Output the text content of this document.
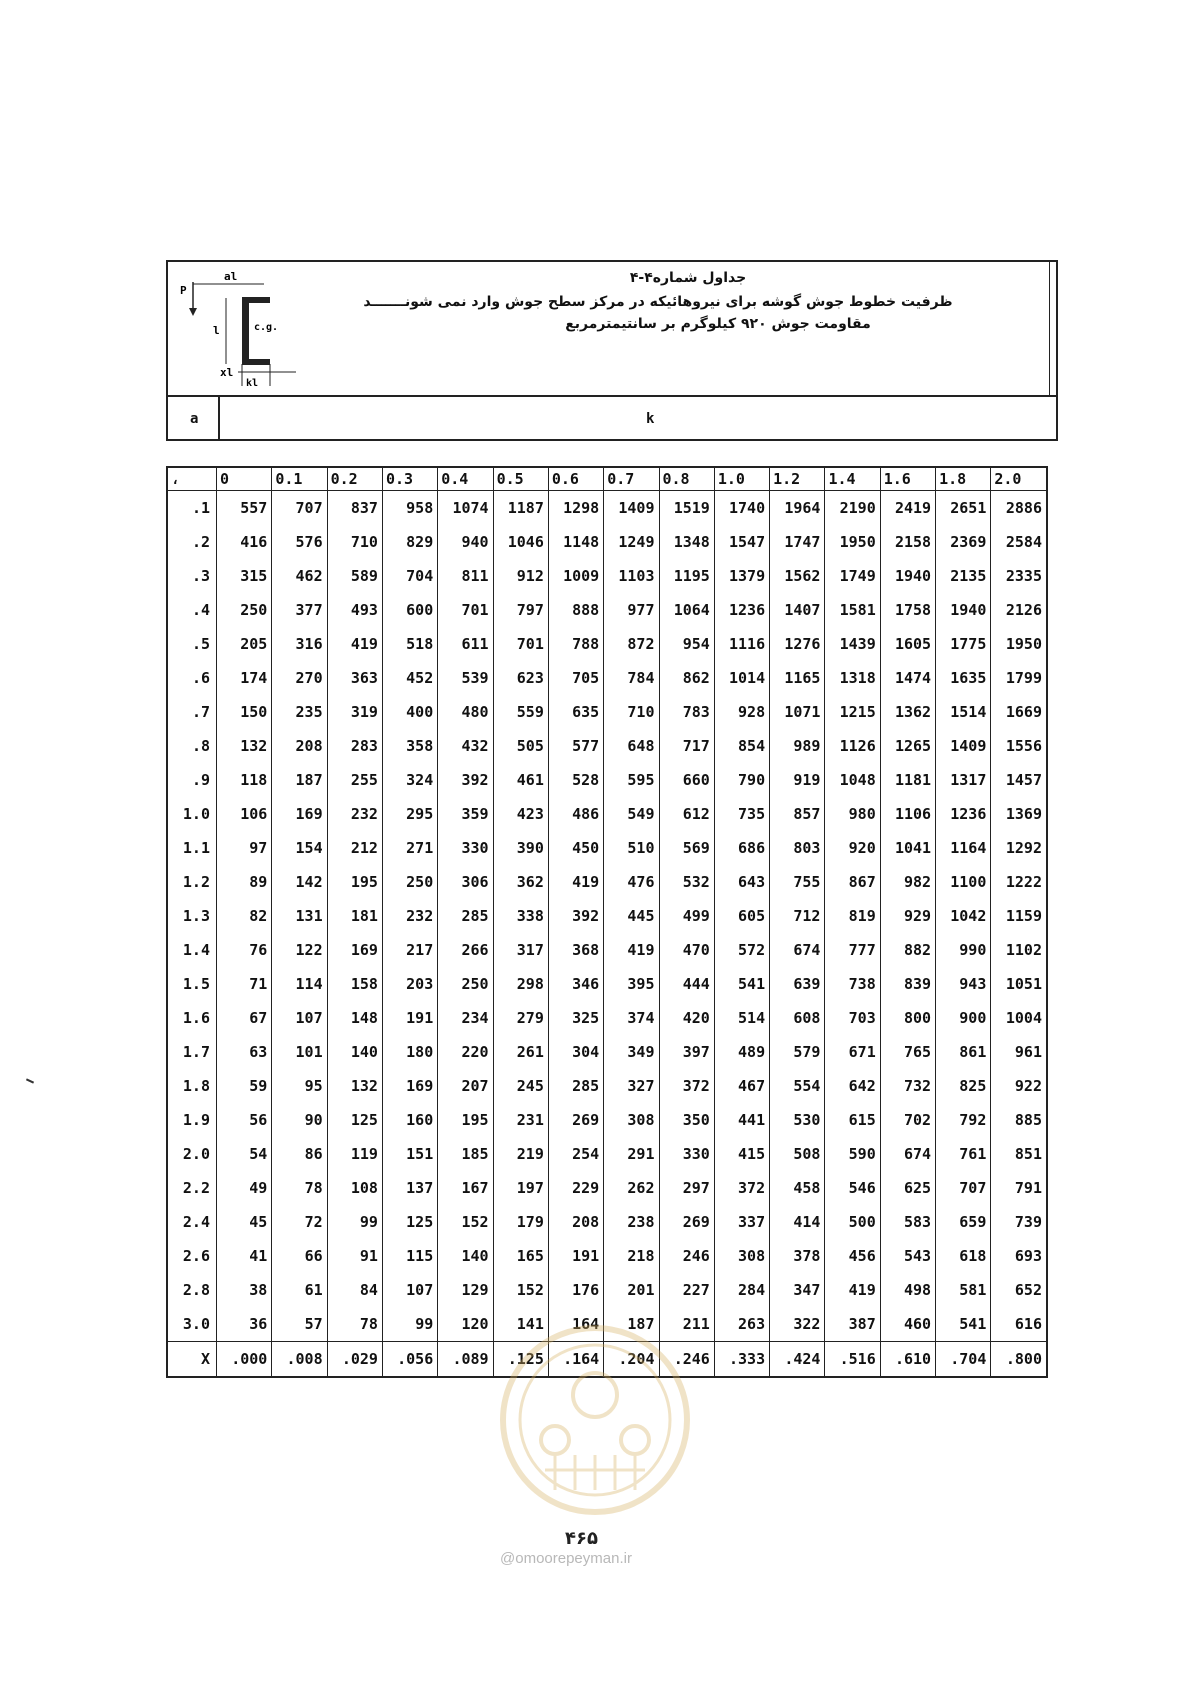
P
al
l	c.g.
xl
kl
جداول شماره۴-۴
ظرفیت خطوط جوش گوشه برای نیروهائیکه در مرکز سطح جوش وارد نمی شونـــــــد
مقاومت جوش ۹۲۰ کیلوگرم بر سانتیمترمربع
a	k
،	0	0.1	0.2	0.3	0.4	0.5	0.6	0.7	0.8	1.0	1.2	1.4	1.6	1.8	2.0
.1	557	707	837	958	1074	1187	1298	1409	1519	1740	1964	2190	2419	2651	2886
.2	416	576	710	829	940	1046	1148	1249	1348	1547	1747	1950	2158	2369	2584
.3	315	462	589	704	811	912	1009	1103	1195	1379	1562	1749	1940	2135	2335
.4	250	377	493	600	701	797	888	977	1064	1236	1407	1581	1758	1940	2126
.5	205	316	419	518	611	701	788	872	954	1116	1276	1439	1605	1775	1950
.6	174	270	363	452	539	623	705	784	862	1014	1165	1318	1474	1635	1799
.7	150	235	319	400	480	559	635	710	783	928	1071	1215	1362	1514	1669
.8	132	208	283	358	432	505	577	648	717	854	989	1126	1265	1409	1556
.9	118	187	255	324	392	461	528	595	660	790	919	1048	1181	1317	1457
1.0	106	169	232	295	359	423	486	549	612	735	857	980	1106	1236	1369
1.1	97	154	212	271	330	390	450	510	569	686	803	920	1041	1164	1292
1.2	89	142	195	250	306	362	419	476	532	643	755	867	982	1100	1222
1.3	82	131	181	232	285	338	392	445	499	605	712	819	929	1042	1159
1.4	76	122	169	217	266	317	368	419	470	572	674	777	882	990	1102
1.5	71	114	158	203	250	298	346	395	444	541	639	738	839	943	1051
1.6	67	107	148	191	234	279	325	374	420	514	608	703	800	900	1004
1.7	63	101	140	180	220	261	304	349	397	489	579	671	765	861	961
1.8	59	95	132	169	207	245	285	327	372	467	554	642	732	825	922
1.9	56	90	125	160	195	231	269	308	350	441	530	615	702	792	885
2.0	54	86	119	151	185	219	254	291	330	415	508	590	674	761	851
2.2	49	78	108	137	167	197	229	262	297	372	458	546	625	707	791
2.4	45	72	99	125	152	179	208	238	269	337	414	500	583	659	739
2.6	41	66	91	115	140	165	191	218	246	308	378	456	543	618	693
2.8	38	61	84	107	129	152	176	201	227	284	347	419	498	581	652
3.0	36	57	78	99	120	141	164	187	211	263	322	387	460	541	616
X	.000	.008	.029	.056	.089	.125	.164	.204	.246	.333	.424	.516	.610	.704	.800
۴۶۵
@omoorepeyman.ir
